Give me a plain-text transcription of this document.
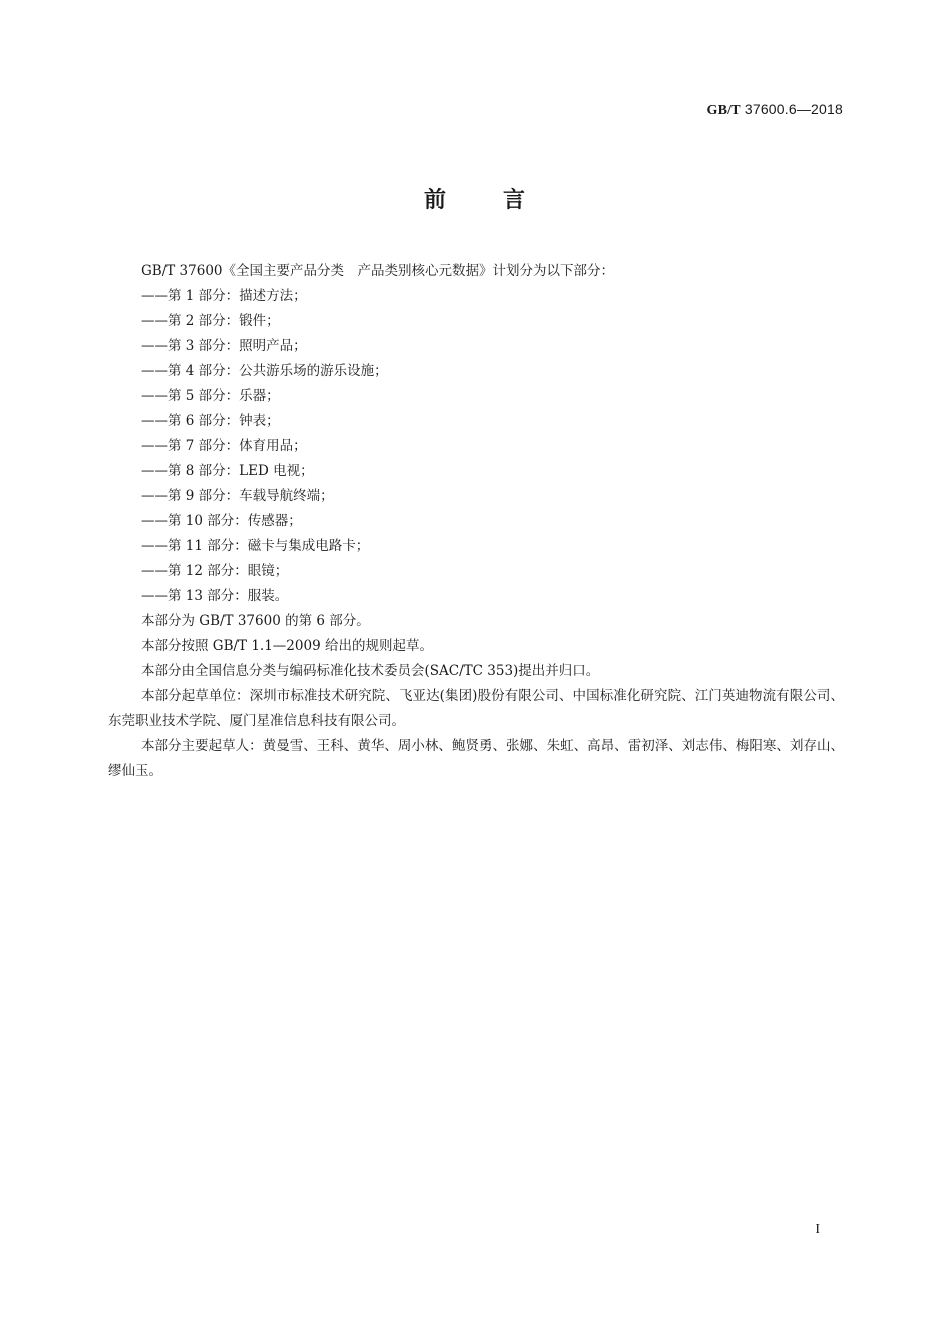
GB/T 37600.6—2018
前	言

GB/T 37600《全国主要产品分类　产品类别核心元数据》计划分为以下部分：

——第 1 部分：描述方法；
——第 2 部分：锻件；
——第 3 部分：照明产品；
——第 4 部分：公共游乐场的游乐设施；
——第 5 部分：乐器；
——第 6 部分：钟表；
——第 7 部分：体育用品；
——第 8 部分：LED 电视；
——第 9 部分：车载导航终端；
——第 10 部分：传感器；
——第 11 部分：磁卡与集成电路卡；
——第 12 部分：眼镜；
——第 13 部分：服装。

本部分为 GB/T 37600 的第 6 部分。

本部分按照 GB/T 1.1—2009 给出的规则起草。

本部分由全国信息分类与编码标准化技术委员会(SAC/TC 353)提出并归口。

本部分起草单位：深圳市标准技术研究院、飞亚达(集团)股份有限公司、中国标准化研究院、江门英迪物流有限公司、东莞职业技术学院、厦门星准信息科技有限公司。

本部分主要起草人：黄曼雪、王科、黄华、周小林、鲍贤勇、张娜、朱虹、高昂、雷初泽、刘志伟、梅阳寒、刘存山、缪仙玉。

I
